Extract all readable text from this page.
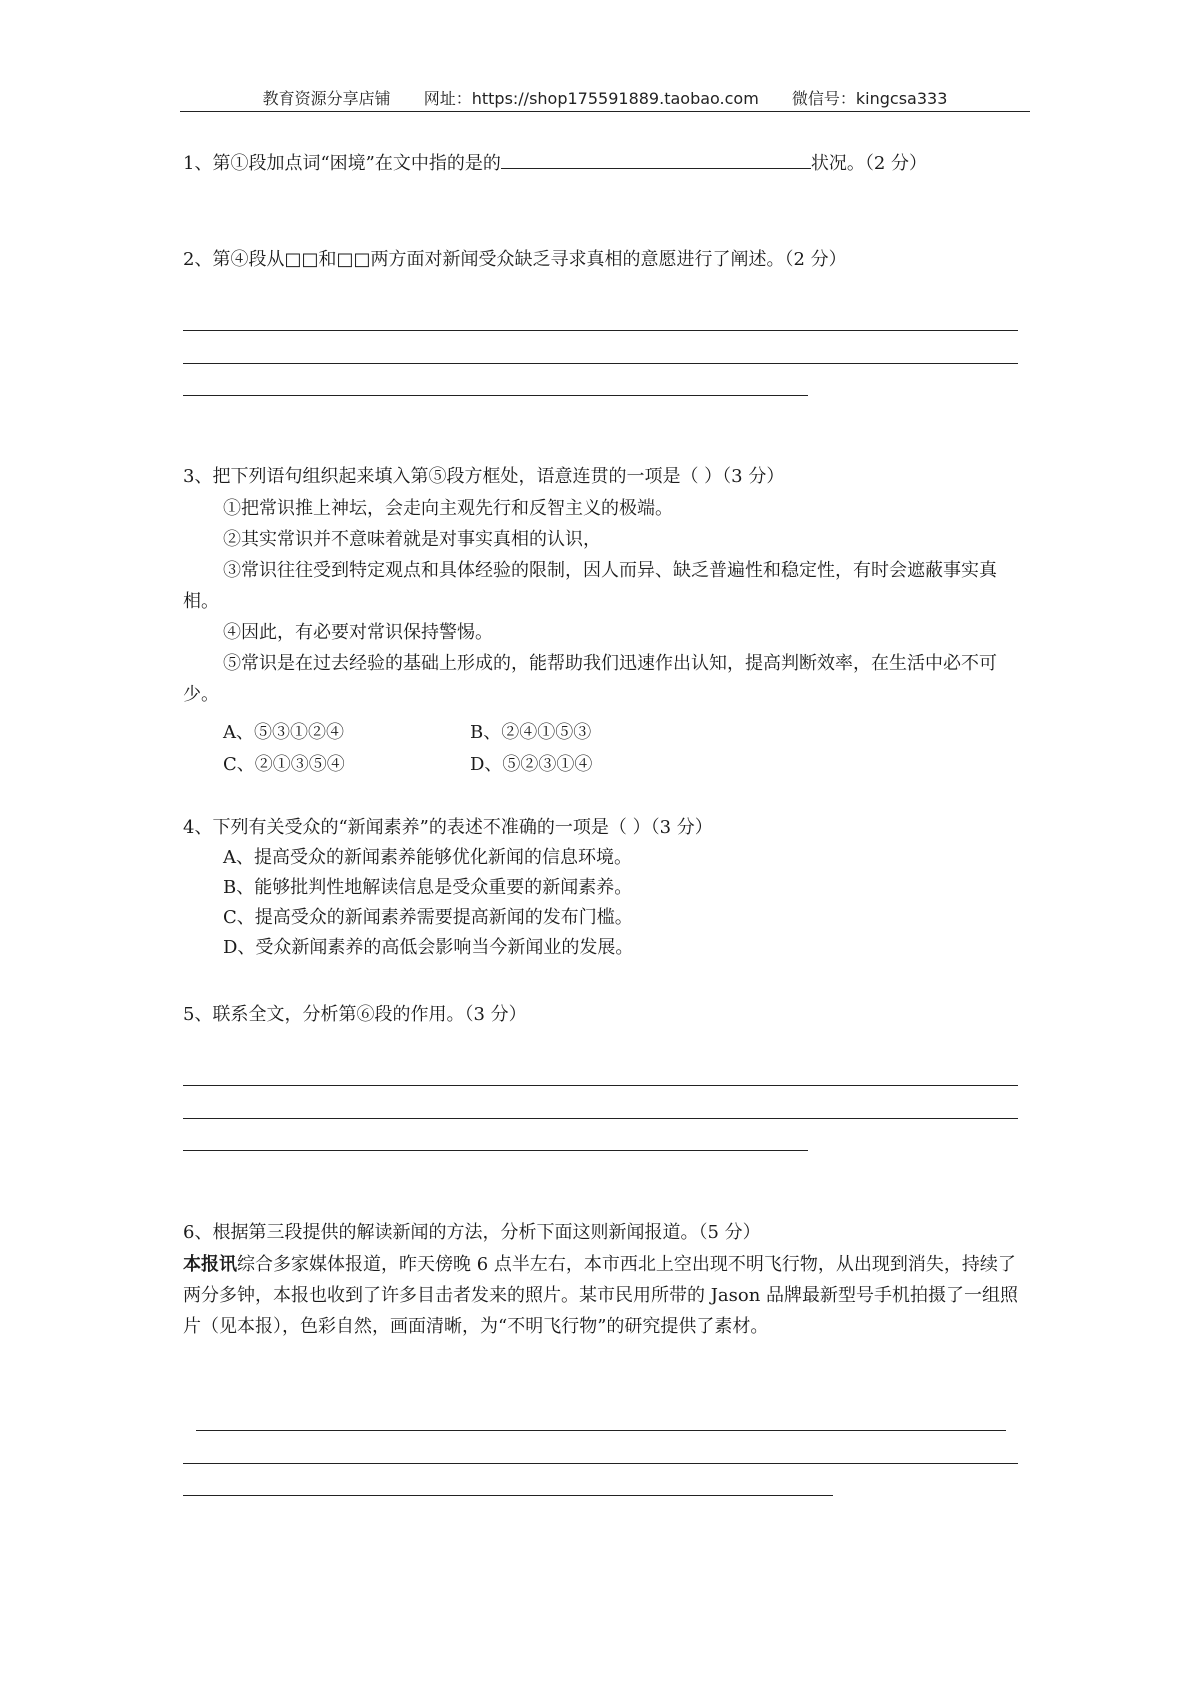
教育资源分享店铺 网址：https://shop175591889.taobao.com 微信号：kingcsa333
1、第①段加点词“困境”在文中指的是的	状况。（2 分）
2、第④段从□□和□□两方面对新闻受众缺乏寻求真相的意愿进行了阐述。（2 分）
3、把下列语句组织起来填入第⑤段方框处，语意连贯的一项是（ ）（3 分）

①把常识推上神坛，会走向主观先行和反智主义的极端。

②其实常识并不意味着就是对事实真相的认识，

③常识往往受到特定观点和具体经验的限制，因人而异、缺乏普遍性和稳定性，有时会遮蔽事实真相。

④因此，有必要对常识保持警惕。

⑤常识是在过去经验的基础上形成的，能帮助我们迅速作出认知，提高判断效率，在生活中必不可少。

A、⑤③①②④	B、②④①⑤③
C、②①③⑤④	D、⑤②③①④
4、下列有关受众的“新闻素养”的表述不准确的一项是（ ）（3 分）
A、提高受众的新闻素养能够优化新闻的信息环境。
B、能够批判性地解读信息是受众重要的新闻素养。
C、提高受众的新闻素养需要提高新闻的发布门槛。
D、受众新闻素养的高低会影响当今新闻业的发展。
5、联系全文，分析第⑥段的作用。（3 分）
6、根据第三段提供的解读新闻的方法，分析下面这则新闻报道。（5 分）
本报讯综合多家媒体报道，昨天傍晚 6 点半左右，本市西北上空出现不明飞行物，从出现到消失，持续了两分多钟，本报也收到了许多目击者发来的照片。某市民用所带的 Jason 品牌最新型号手机拍摄了一组照片（见本报），色彩自然，画面清晰，为“不明飞行物”的研究提供了素材。
